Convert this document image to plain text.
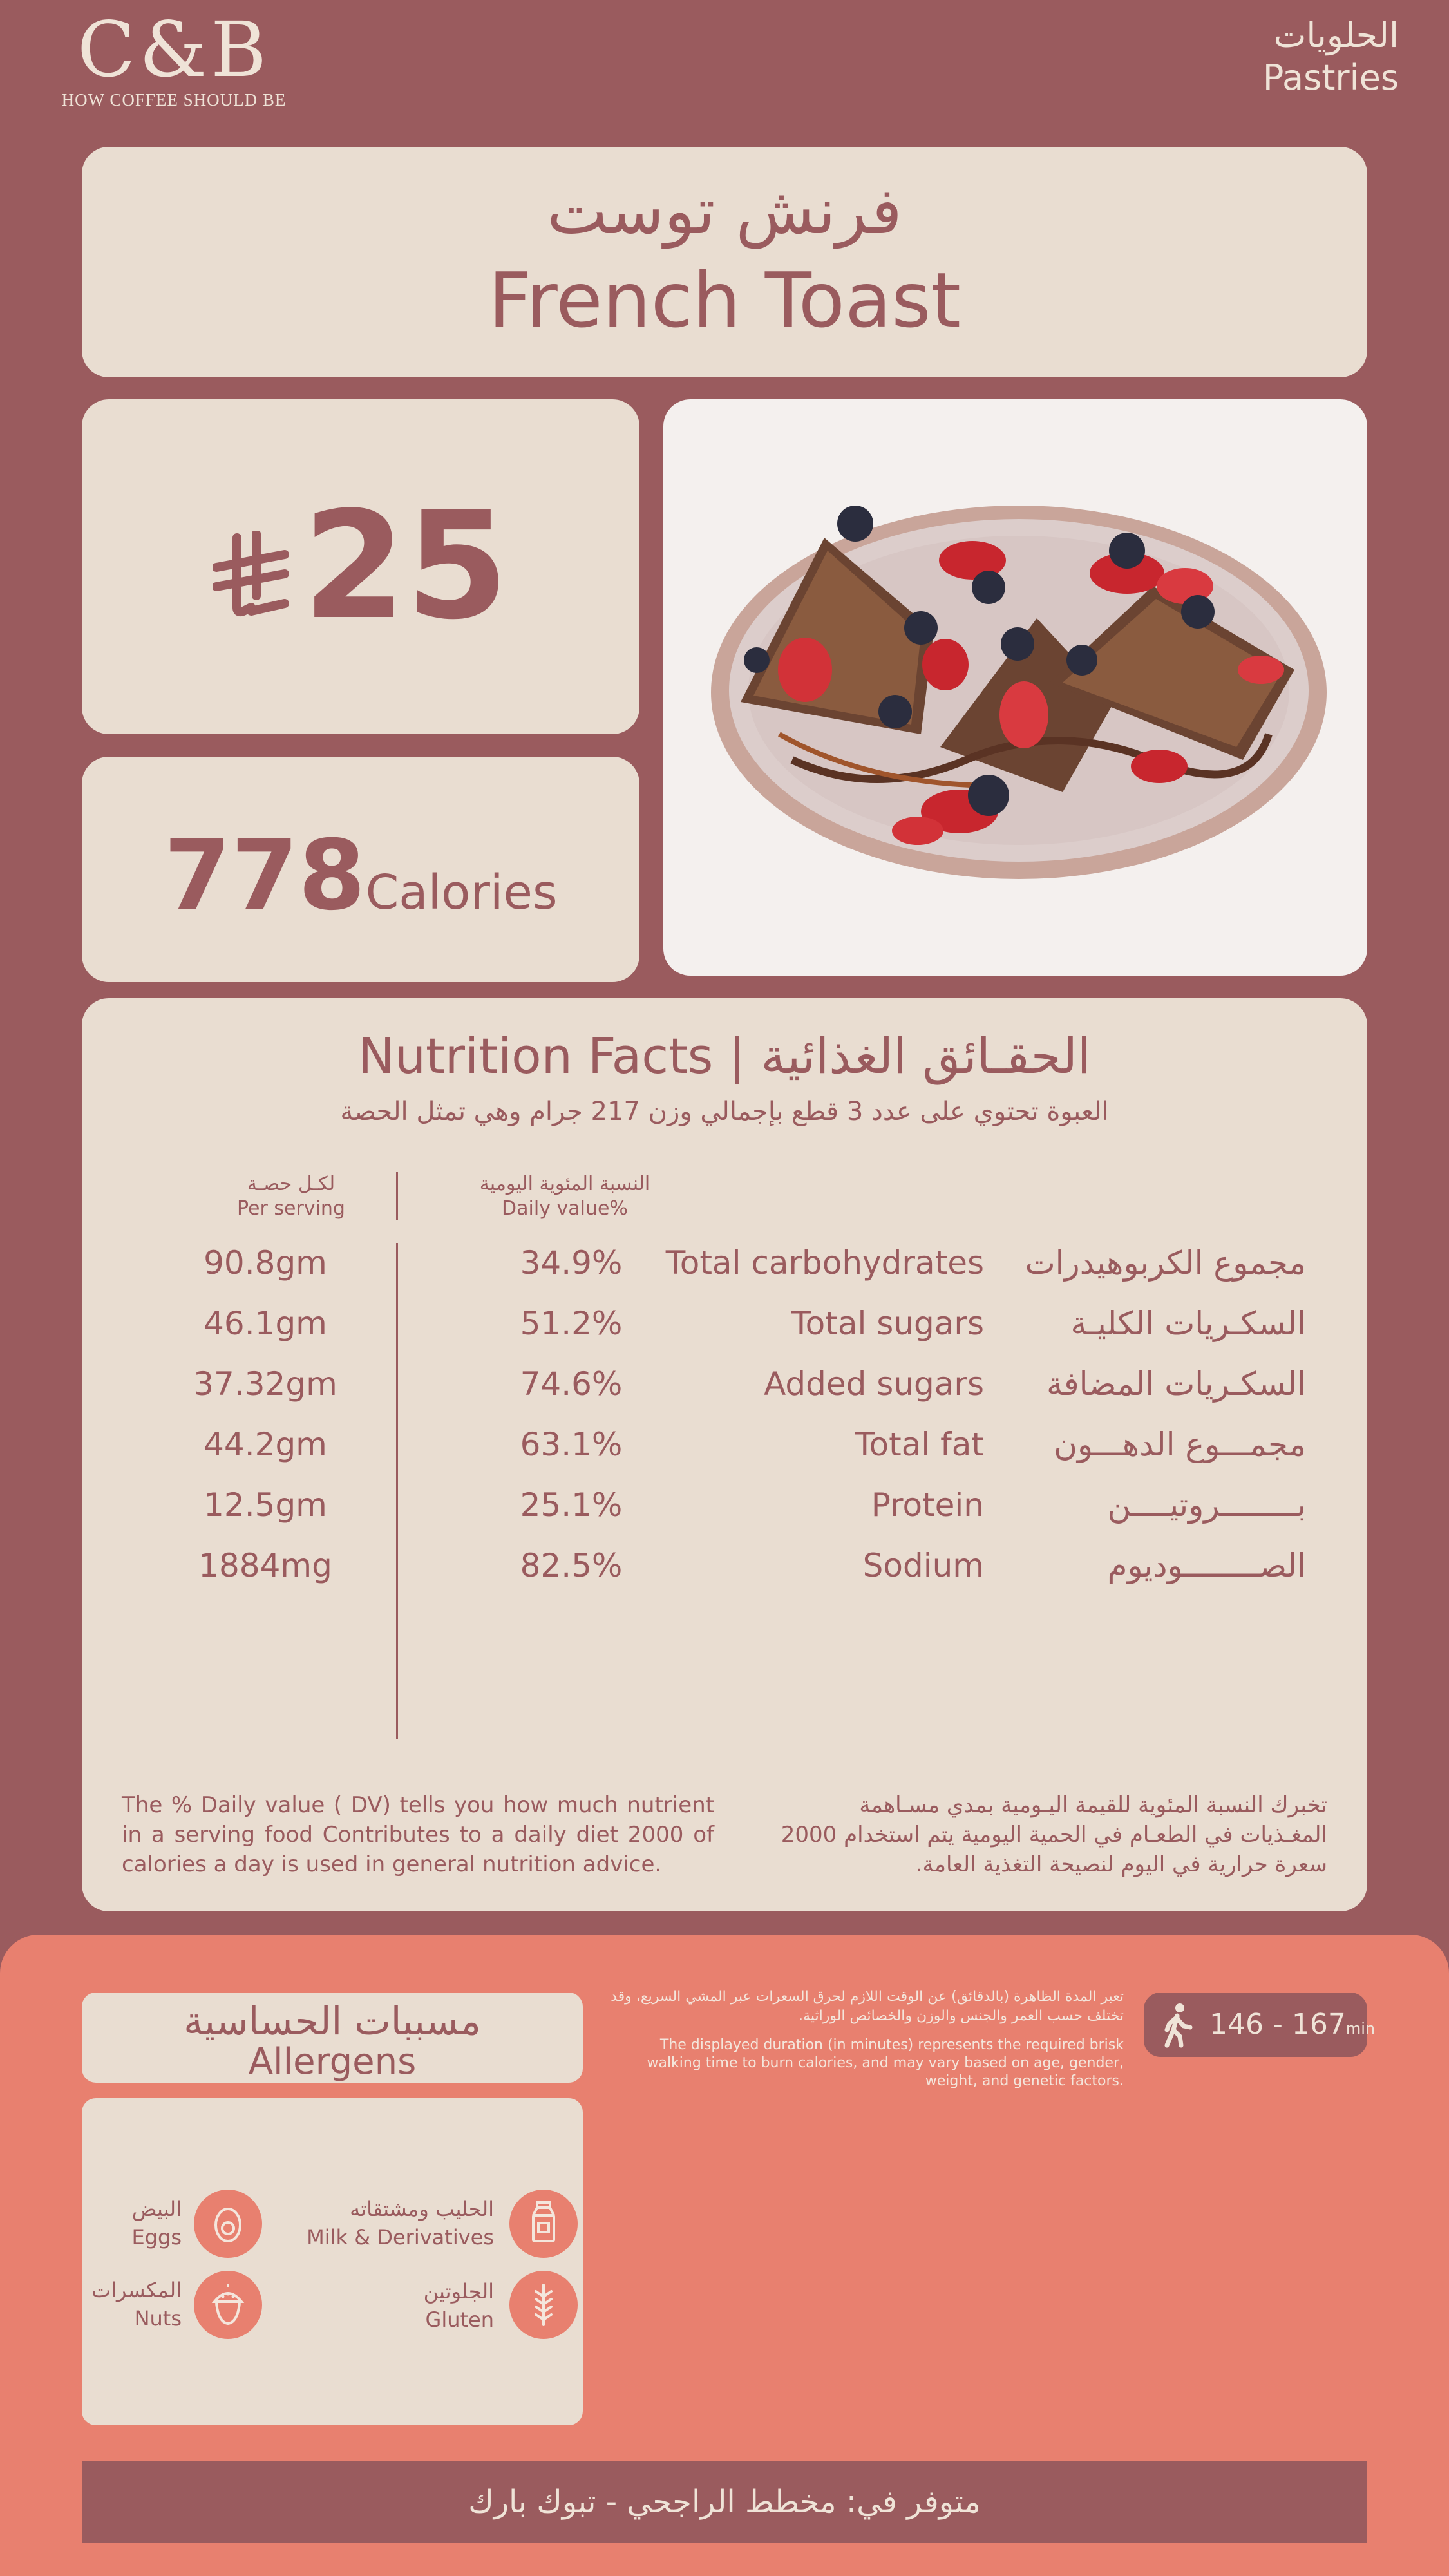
C&B
HOW COFFEE SHOULD BE
الحلويات
Pastries
فرنش توست
French Toast
25
778Calories
Nutrition Facts | الحقـائق الغذائية
العبوة تحتوي على عدد 3 قطع بإجمالي وزن 217 جرام وهي تمثل الحصة
لكـل حصـة
Per serving
النسبة المئوية اليومية
Daily value%
90.8gm	34.9%	Total carbohydrates مجموع الكربوهيدرات
46.1gm	51.2%	Total sugars	السكـريات الكليـة
37.32gm	74.6%	Added sugars السكـريات المضافة
44.2gm	63.1%	Total fat مجمـــوع الدهـــون
12.5gm	25.1%	Protein	بــــــــروتيــــن
1884mg	82.5%	Sodium	الصــــــــوديوم
The % Daily value ( DV) tells you how much nutrient in a serving food Contributes to a daily diet 2000 of calories a day is used in general nutrition advice.
تخبرك النسبة المئوية للقيمة اليـومية بمدي مسـاهمة المغـذيات في الطعـام في الحمية اليومية يتم استخدام 2000 سعرة حرارية في اليوم لنصيحة التغذية العامة.
مسببات الحساسية
Allergens
الحليب ومشتقاته
Milk & Derivatives
البيض
Eggs
الجلوتين
Gluten
المكسرات
Nuts
تعبر المدة الظاهرة (بالدقائق) عن الوقت اللازم لحرق السعرات عبر المشي السريع، وقد تختلف حسب العمر والجنس والوزن والخصائص الوراثية.
The displayed duration (in minutes) represents the required brisk walking time to burn calories, and may vary based on age, gender, weight, and genetic factors.
146 - 167min
متوفر في: مخطط الراجحي - تبوك بارك
